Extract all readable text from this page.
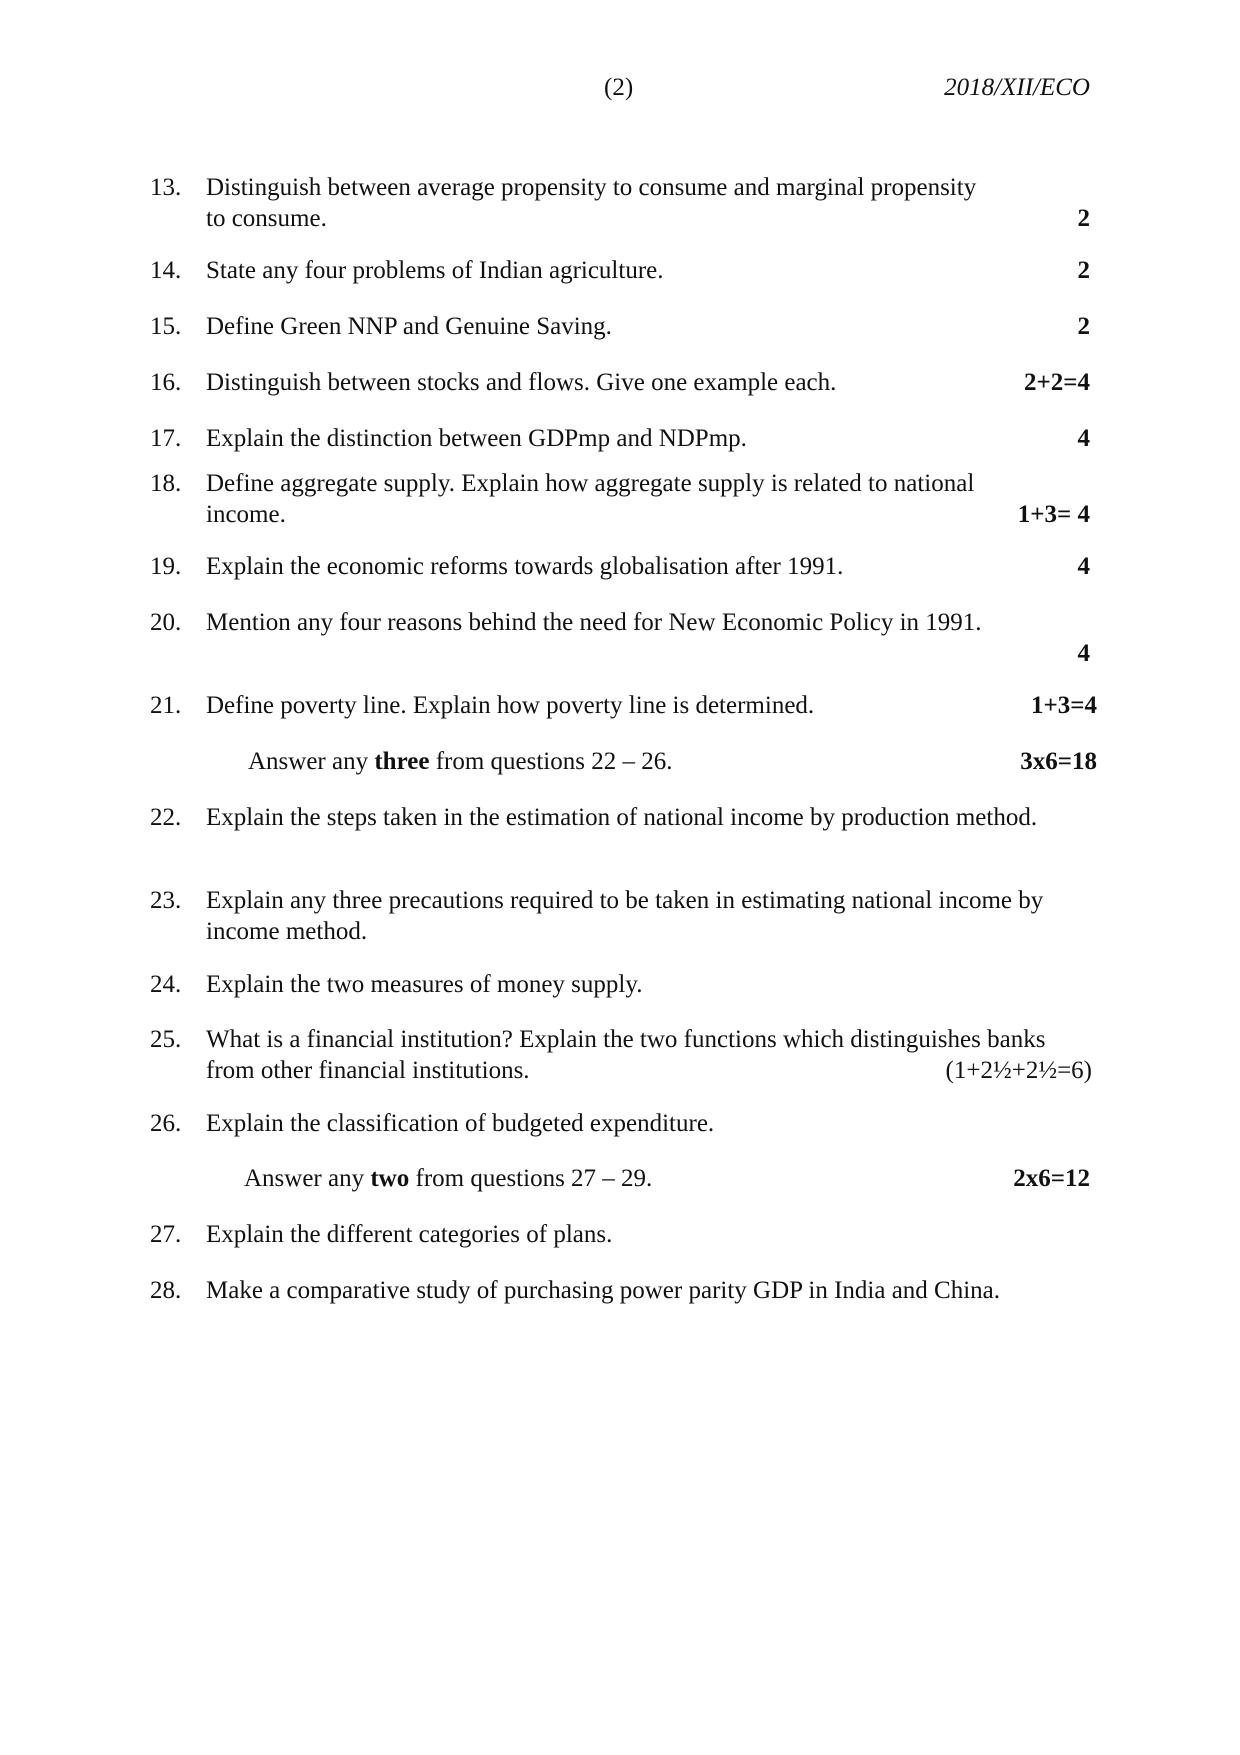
(2)	2018/XII/ECO
13. Distinguish between average propensity to consume and marginal propensity to consume.	2
14. State any four problems of Indian agriculture.	2
15. Define Green NNP and Genuine Saving.	2
16. Distinguish between stocks and flows. Give one example each.	2+2=4
17. Explain the distinction between GDPmp and NDPmp.	4
18. Define aggregate supply. Explain how aggregate supply is related to national income.	1+3= 4
19. Explain the economic reforms towards globalisation after 1991.	4
20. Mention any four reasons behind the need for New Economic Policy in 1991.
4
21. Define poverty line. Explain how poverty line is determined.	1+3=4
Answer any three from questions 22 – 26.	3x6=18
22. Explain the steps taken in the estimation of national income by production method.
23. Explain any three precautions required to be taken in estimating national income by income method.
24. Explain the two measures of money supply.
25. What is a financial institution? Explain the two functions which distinguishes banks from other financial institutions.	(1+2½+2½=6)
26. Explain the classification of budgeted expenditure.
Answer any two from questions 27 – 29.	2x6=12
27. Explain the different categories of plans.
28. Make a comparative study of purchasing power parity GDP in India and China.
